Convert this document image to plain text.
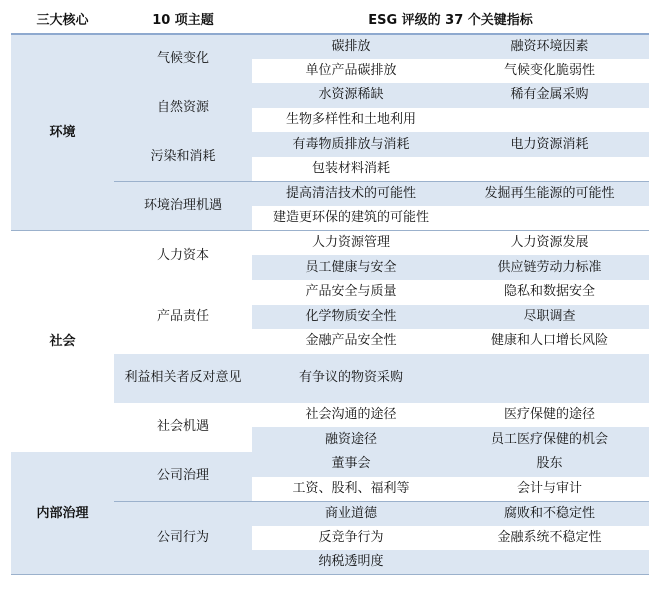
三大核心	10 项主题	ESG 评级的 37 个关键指标	
环境	气候变化	碳排放	融资环境因素
		单位产品碳排放	气候变化脆弱性
	自然资源	水资源稀缺	稀有金属采购
		生物多样性和土地利用	
	污染和消耗	有毒物质排放与消耗	电力资源消耗
		包装材料消耗	
	环境治理机遇	提高清洁技术的可能性	发掘再生能源的可能性
		建造更环保的建筑的可能性	
社会	人力资本	人力资源管理	人力资源发展
		员工健康与安全	供应链劳动力标准
	产品责任	产品安全与质量	隐私和数据安全
		化学物质安全性	尽职调查
		金融产品安全性	健康和人口增长风险
	利益相关者反对意见	有争议的物资采购	
	社会机遇	社会沟通的途径	医疗保健的途径
		融资途径	员工医疗保健的机会
内部治理	公司治理	董事会	股东
		工资、股利、福利等	会计与审计
	公司行为	商业道德	腐败和不稳定性
		反竞争行为	金融系统不稳定性
		纳税透明度	
